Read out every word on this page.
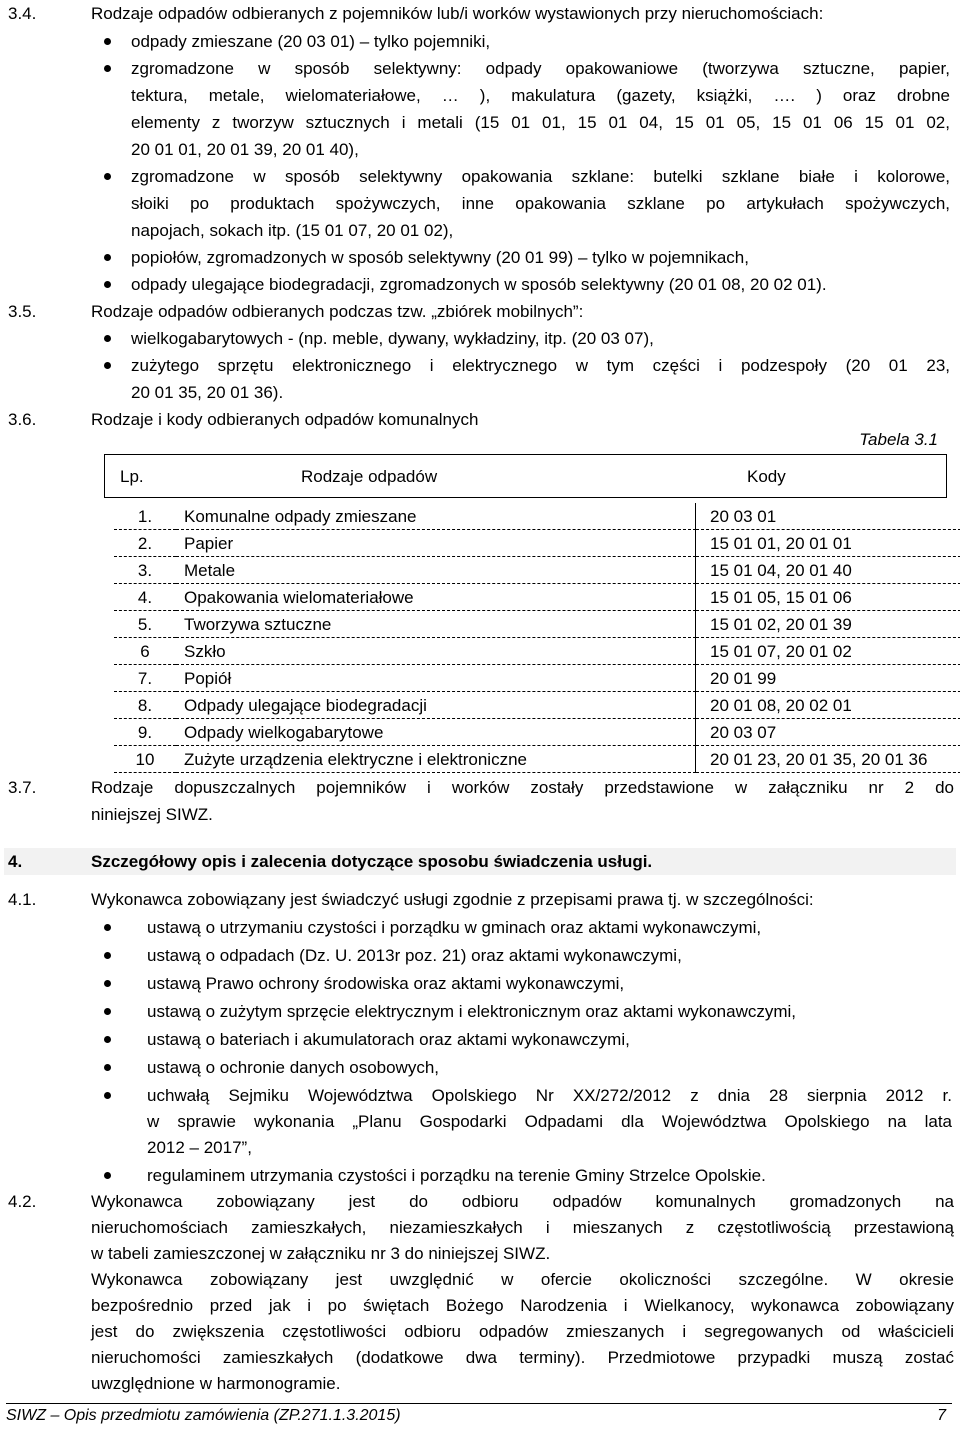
3.4.	Rodzaje odpadów odbieranych z pojemników lub/i worków wystawionych przy nieruchomościach:
odpady zmieszane (20 03 01) – tylko pojemniki,
zgromadzone w sposób selektywny: odpady opakowaniowe (tworzywa sztuczne, papier,
tektura, metale, wielomateriałowe, … ), makulatura (gazety, książki, …. ) oraz drobne
elementy z tworzyw sztucznych i metali (15 01 01, 15 01 04, 15 01 05, 15 01 06 15 01 02,
20 01 01, 20 01 39, 20 01 40),
zgromadzone w sposób selektywny opakowania szklane: butelki szklane białe i kolorowe,
słoiki po produktach spożywczych, inne opakowania szklane po artykułach spożywczych,
napojach, sokach itp. (15 01 07, 20 01 02),
popiołów, zgromadzonych w sposób selektywny (20 01 99) – tylko w pojemnikach,
odpady ulegające biodegradacji, zgromadzonych w sposób selektywny (20 01 08, 20 02 01).
3.5.	Rodzaje odpadów odbieranych podczas tzw. „zbiórek mobilnych”:
wielkogabarytowych - (np. meble, dywany, wykładziny, itp. (20 03 07),
zużytego sprzętu elektronicznego i elektrycznego w tym części i podzespoły (20 01 23,
20 01 35, 20 01 36).
3.6.	Rodzaje i kody odbieranych odpadów komunalnych
Tabela 3.1
Lp.	Rodzaje odpadów	Kody
1.	Komunalne odpady zmieszane	20 03 01
2.	Papier	15 01 01, 20 01 01
3.	Metale	15 01 04, 20 01 40
4.	Opakowania wielomateriałowe	15 01 05, 15 01 06
5.	Tworzywa sztuczne	15 01 02, 20 01 39
6	Szkło	15 01 07, 20 01 02
7.	Popiół	20 01 99
8.	Odpady ulegające biodegradacji	20 01 08, 20 02 01
9.	Odpady wielkogabarytowe	20 03 07
10	Zużyte urządzenia elektryczne i elektroniczne	20 01 23, 20 01 35, 20 01 36
3.7.	Rodzaje dopuszczalnych pojemników i worków zostały przedstawione w załączniku nr 2 do
niniejszej SIWZ.
4.	Szczegółowy opis i zalecenia dotyczące sposobu świadczenia usługi.
4.1.	Wykonawca zobowiązany jest świadczyć usługi zgodnie z przepisami prawa tj. w szczególności:
ustawą o utrzymaniu czystości i porządku w gminach oraz aktami wykonawczymi,
ustawą o odpadach (Dz. U. 2013r poz. 21) oraz aktami wykonawczymi,
ustawą Prawo ochrony środowiska oraz aktami wykonawczymi,
ustawą o zużytym sprzęcie elektrycznym i elektronicznym oraz aktami wykonawczymi,
ustawą o bateriach i akumulatorach oraz aktami wykonawczymi,
ustawą o ochronie danych osobowych,
uchwałą Sejmiku Województwa Opolskiego Nr XX/272/2012 z dnia 28 sierpnia 2012 r.
w sprawie wykonania „Planu Gospodarki Odpadami dla Województwa Opolskiego na lata
2012 – 2017”,
regulaminem utrzymania czystości i porządku na terenie Gminy Strzelce Opolskie.
4.2.	Wykonawca zobowiązany jest do odbioru odpadów komunalnych gromadzonych na
nieruchomościach zamieszkałych, niezamieszkałych i mieszanych z częstotliwością przestawioną
w tabeli zamieszczonej w załączniku nr 3 do niniejszej SIWZ.
Wykonawca zobowiązany jest uwzględnić w ofercie okoliczności szczególne. W okresie
bezpośrednio przed jak i po świętach Bożego Narodzenia i Wielkanocy, wykonawca zobowiązany
jest do zwiększenia częstotliwości odbioru odpadów zmieszanych i segregowanych od właścicieli
nieruchomości zamieszkałych (dodatkowe dwa terminy). Przedmiotowe przypadki muszą zostać
uwzględnione w harmonogramie.
SIWZ – Opis przedmiotu zamówienia (ZP.271.1.3.2015)	7
